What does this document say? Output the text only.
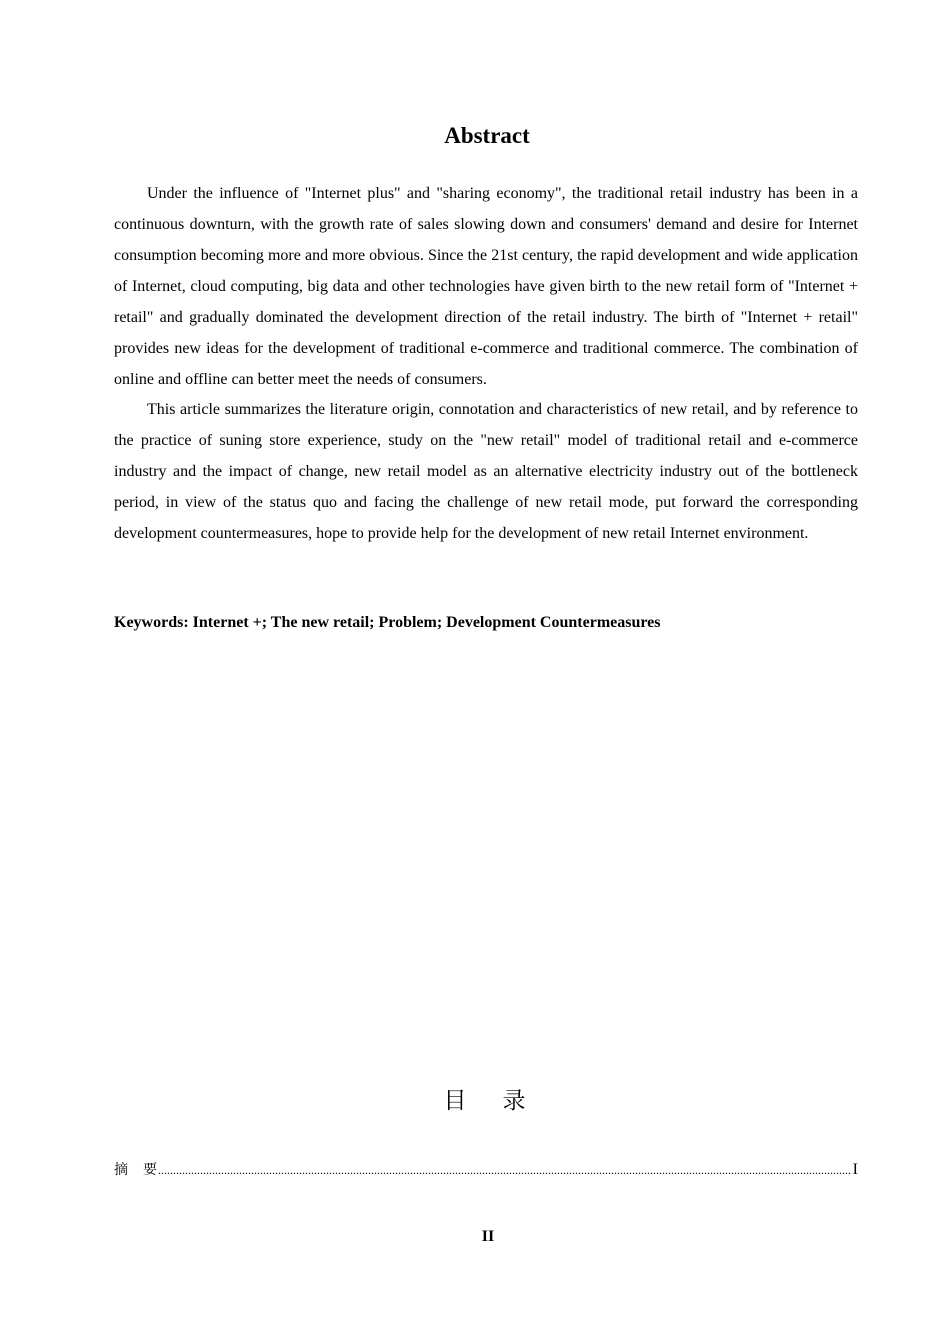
Abstract

Under the influence of "Internet plus" and "sharing economy", the traditional retail industry has been in a continuous downturn, with the growth rate of sales slowing down and consumers' demand and desire for Internet consumption becoming more and more obvious. Since the 21st century, the rapid development and wide application of Internet, cloud computing, big data and other technologies have given birth to the new retail form of "Internet + retail" and gradually dominated the development direction of the retail industry. The birth of "Internet + retail" provides new ideas for the development of traditional e-commerce and traditional commerce. The combination of online and offline can better meet the needs of consumers.

This article summarizes the literature origin, connotation and characteristics of new retail, and by reference to the practice of suning store experience, study on the "new retail" model of traditional retail and e-commerce industry and the impact of change, new retail model as an alternative electricity industry out of the bottleneck period, in view of the status quo and facing the challenge of new retail mode, put forward the corresponding development countermeasures, hope to provide help for the development of new retail Internet environment.

Keywords: Internet +; The new retail; Problem; Development Countermeasures
目录
摘要 .....	I
II
